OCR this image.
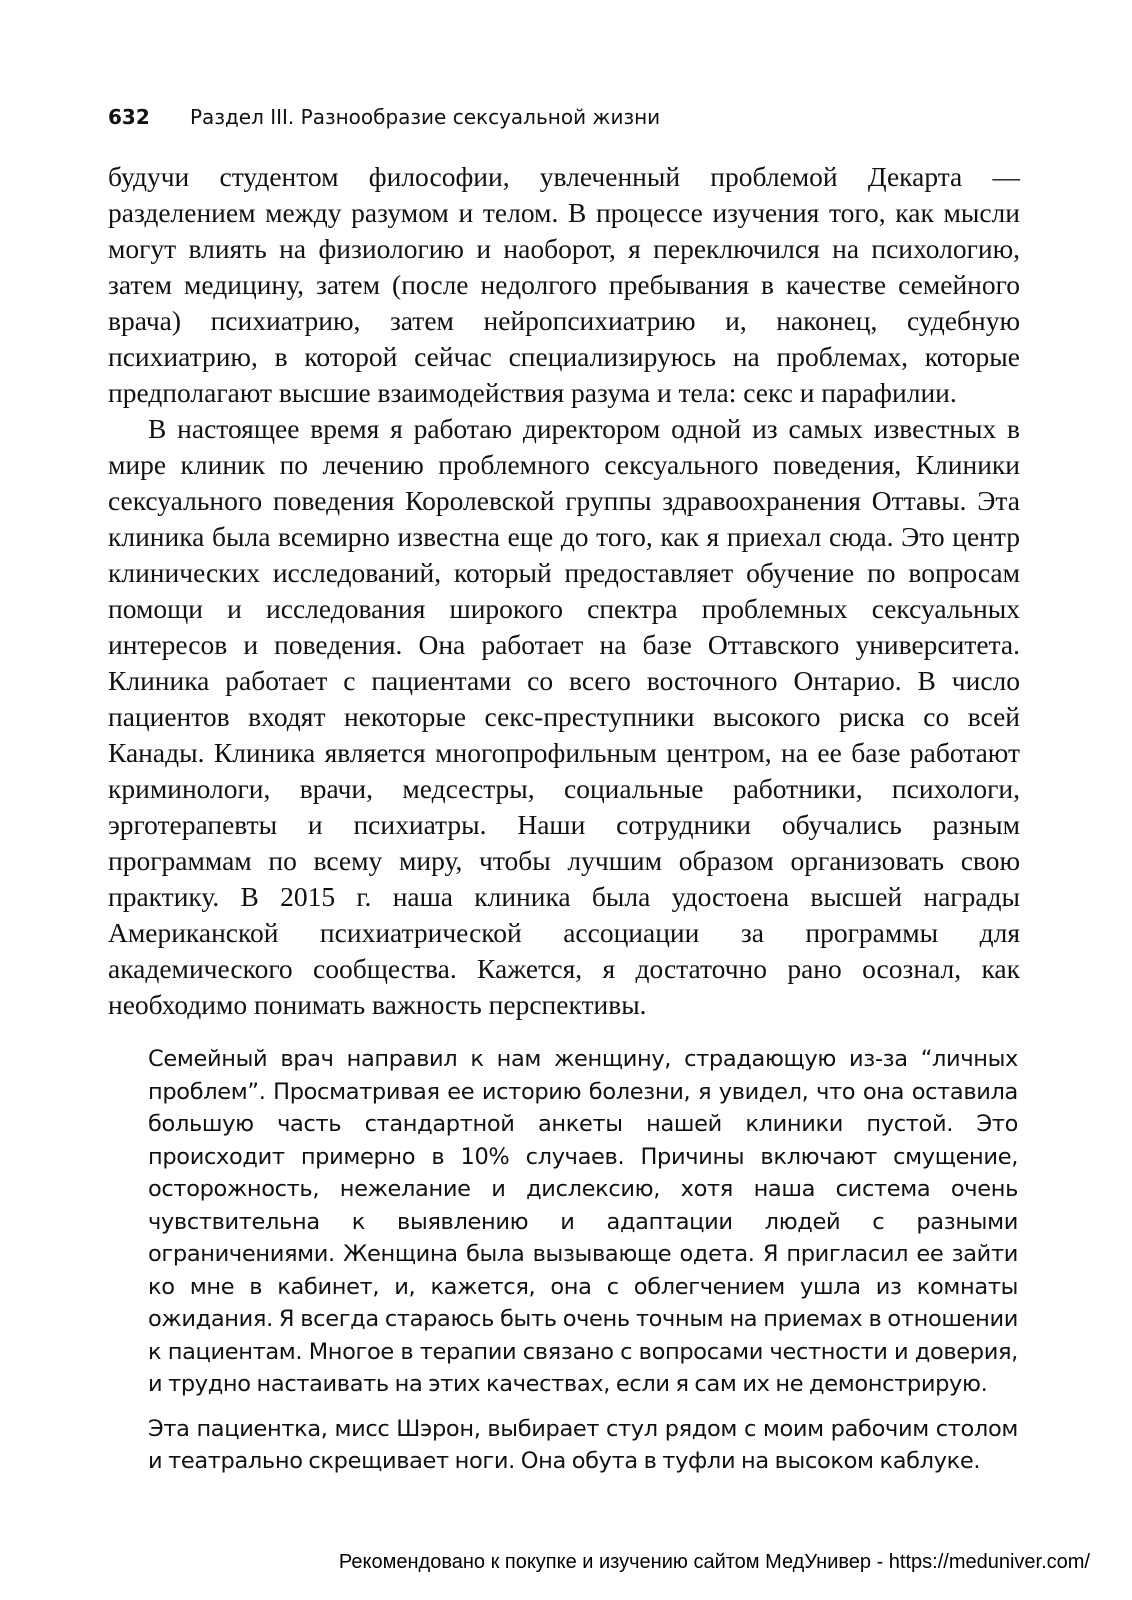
632 Раздел III. Разнообразие сексуальной жизни

будучи студентом философии, увлеченный проблемой Декарта — разделением между разумом и телом. В процессе изучения того, как мысли могут влиять на физиологию и наоборот, я переключился на психологию, затем медицину, затем (после недолгого пребывания в качестве семейного врача) психиатрию, затем нейропсихиатрию и, наконец, судебную психиатрию, в которой сейчас специализируюсь на проблемах, которые предполагают высшие взаимодействия разума и тела: секс и парафилии.

В настоящее время я работаю директором одной из самых известных в мире клиник по лечению проблемного сексуального поведения, Клиники сексуального поведения Королевской группы здравоохранения Оттавы. Эта клиника была всемирно известна еще до того, как я приехал сюда. Это центр клинических исследований, который предоставляет обучение по вопросам помощи и исследования широкого спектра проблемных сексуальных интересов и поведения. Она работает на базе Оттавского университета. Клиника работает с пациентами со всего восточного Онтарио. В число пациентов входят некоторые секс-преступники высокого риска со всей Канады. Клиника является многопрофильным центром, на ее базе работают криминологи, врачи, медсестры, социальные работники, психологи, эрготерапевты и психиатры. Наши сотрудники обучались разным программам по всему миру, чтобы лучшим образом организовать свою практику. В 2015 г. наша клиника была удостоена высшей награды Американской психиатрической ассоциации за программы для академического сообщества. Кажется, я достаточно рано осознал, как необходимо понимать важность перспективы.

Семейный врач направил к нам женщину, страдающую из-за “личных проблем”. Просматривая ее историю болезни, я увидел, что она оставила большую часть стандартной анкеты нашей клиники пустой. Это происходит примерно в 10% случаев. Причины включают смущение, осторожность, нежелание и дислексию, хотя наша система очень чувствительна к выявлению и адаптации людей с разными ограничениями. Женщина была вызывающе одета. Я пригласил ее зайти ко мне в кабинет, и, кажется, она с облегчением ушла из комнаты ожидания. Я всегда стараюсь быть очень точным на приемах в отношении к пациентам. Многое в терапии связано с вопросами честности и доверия, и трудно настаивать на этих качествах, если я сам их не демонстрирую.

Эта пациентка, мисс Шэрон, выбирает стул рядом с моим рабочим столом и театрально скрещивает ноги. Она обута в туфли на высоком каблуке.

Рекомендовано к покупке и изучению сайтом МедУнивер - https://meduniver.com/
